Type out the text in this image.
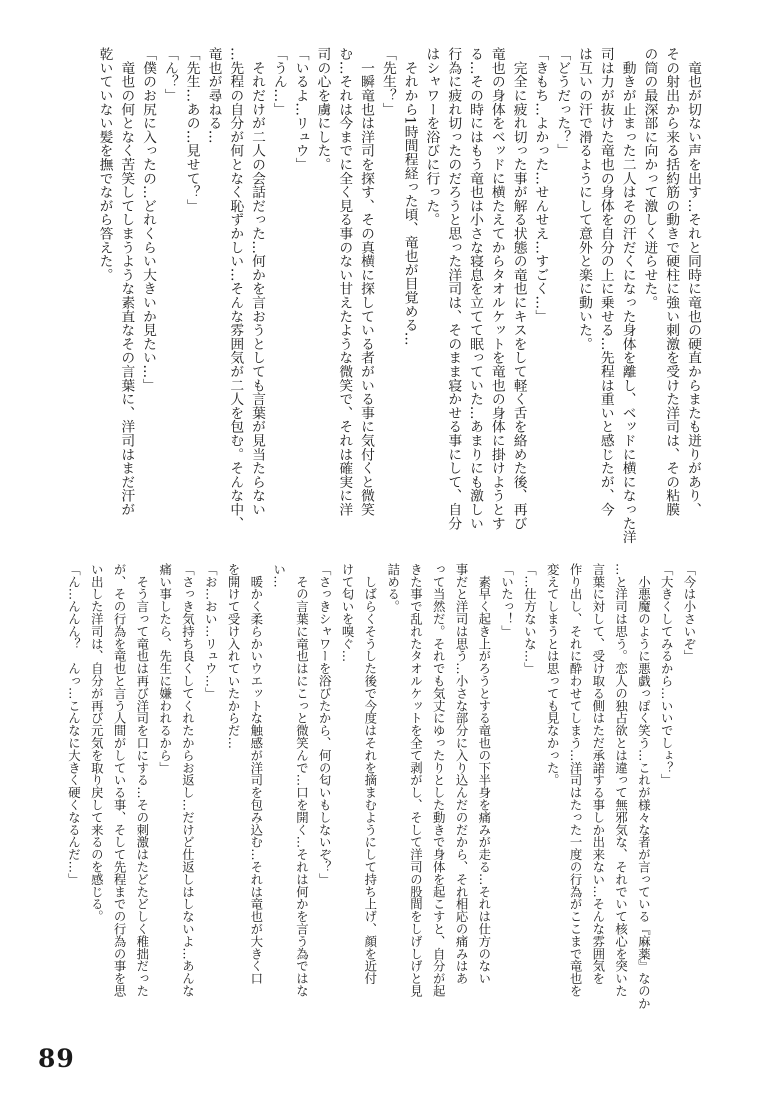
　竜也が切ない声を出す…それと同時に竜也の硬直からまたも迸りがあり、
その射出から来る括約筋の動きで硬柱に強い刺激を受けた洋司は、その粘膜
の筒の最深部に向かって激しく迸らせた。
　動きが止まった二人はその汗だくになった身体を離し、ベッドに横になった洋
司は力が抜けた竜也の身体を自分の上に乗せる…先程は重いと感じたが、今
は互いの汗で滑るようにして意外と楽に動いた。
「どうだった？」
「きもち…よかった…せんせえ…すごく…」
　完全に疲れ切った事が解る状態の竜也にキスをして軽く舌を絡めた後、再び
竜也の身体をベッドに横たえてからタオルケットを竜也の身体に掛けようとす
る…その時にはもう竜也は小さな寝息を立てて眠っていた…あまりにも激しい
行為に疲れ切ったのだろうと思った洋司は、そのまま寝かせる事にして、自分
はシャワーを浴びに行った。
　それから1時間程経った頃、竜也が目覚める…
「先生？」
　一瞬竜也は洋司を探す、その真横に探している者がいる事に気付くと微笑
む…それは今までに全く見る事のない甘えたような微笑で、それは確実に洋
司の心を虜にした。
「いるよ…リュウ」
「うん…」
　それだけが二人の会話だった…何かを言おうとしても言葉が見当たらない
…先程の自分が何となく恥ずかしい…そんな雰囲気が二人を包む。そんな中、
竜也が尋ねる…
「先生…あの…見せて？」
「ん？」
「僕のお尻に入ったの…どれくらい大きいか見たい…」
　竜也の何となく苦笑してしまうような素直なその言葉に、洋司はまだ汗が
乾いていない髪を撫でながら答えた。
「今は小さいぞ」
「大きくしてみるから…いいでしょ？」
　小悪魔のように悪戯っぽく笑う…これが様々な者が言っている『麻薬』なのか
…と洋司は思う。恋人の独占欲とは違って無邪気な、それでいて核心を突いた
言葉に対して、受け取る側はただ承諾する事しか出来ない…そんな雰囲気を
作り出し、それに酔わせてしまう…洋司はたった一度の行為がここまで竜也を
変えてしまうとは思っても見なかった。
「…仕方ないな…」
「いたっ！」
　素早く起き上がろうとする竜也の下半身を痛みが走る…それは仕方のない
事だと洋司は思う…小さな部分に入り込んだのだから、それ相応の痛みはあ
って当然だ。それでも気丈にゆったりとした動きで身体を起こすと、自分が起
きた事で乱れたタオルケットを全て剥がし、そして洋司の股間をしげしげと見
詰める。
　しばらくそうした後で今度はそれを摘まむようにして持ち上げ、顔を近付
けて匂いを嗅ぐ…
「さっきシャワーを浴びたから、何の匂いもしないぞ？」
　その言葉に竜也はにこっと微笑んで…口を開く…それは何かを言う為ではな
い…
　暖かく柔らかいウエットな触感が洋司を包み込む…それは竜也が大きく口
を開けて受け入れていたからだ…
「お…おい…リュウ…」
「さっき気持ち良くしてくれたからお返し…だけど仕返しはしないよ…あんな
痛い事したら、先生に嫌われるから」
　そう言って竜也は再び洋司を口にする…その刺激はたどたどしく稚拙だった
が、その行為を竜也と言う人間がしている事、そして先程までの行為の事を思
い出した洋司は、自分が再び元気を取り戻して来るのを感じる。
「ん…んんん？　んっ…こんなに大きく硬くなるんだ…」
89
